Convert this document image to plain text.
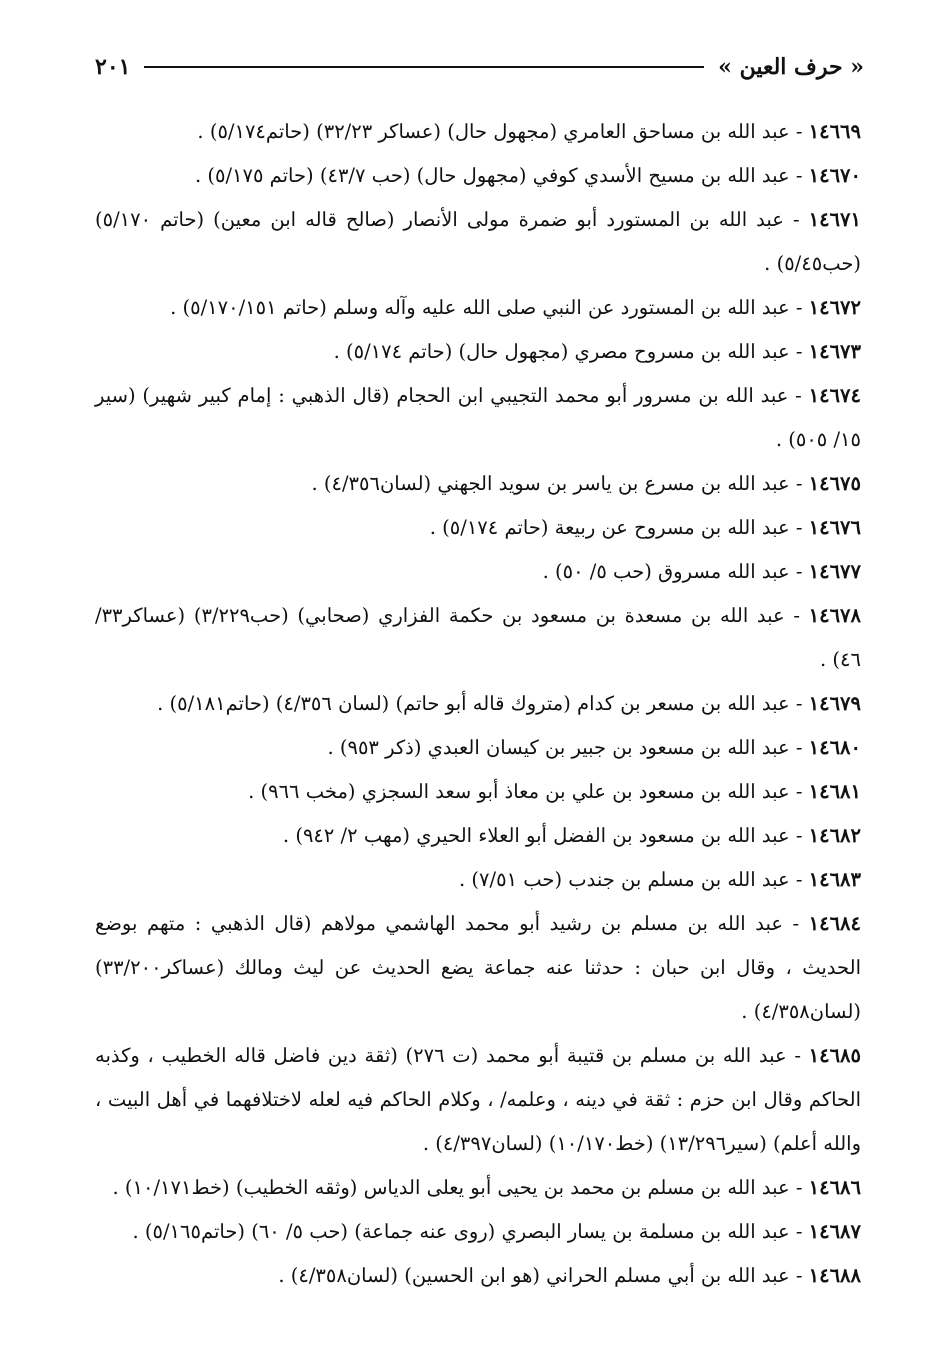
« حرف العين »
٢٠١

١٤٦٦٩ - عبد الله بن مساحق العامري (مجهول حال) (عساكر ٣٢/٢٣) (حاتم٥/١٧٤) .

١٤٦٧٠ - عبد الله بن مسيح الأسدي كوفي (مجهول حال) (حب ٤٣/٧) (حاتم ٥/١٧٥) .

١٤٦٧١ - عبد الله بن المستورد أبو ضمرة مولى الأنصار (صالح قاله ابن معين) (حاتم ٥/١٧٠) (حب٥/٤٥) .

١٤٦٧٢ - عبد الله بن المستورد عن النبي صلى الله عليه وآله وسلم (حاتم ٥/١٧٠/١٥١) .

١٤٦٧٣ - عبد الله بن مسروح مصري (مجهول حال) (حاتم ٥/١٧٤) .

١٤٦٧٤ - عبد الله بن مسرور أبو محمد التجيبي ابن الحجام (قال الذهبي : إمام كبير شهير) (سير ١٥/ ٥٠٥) .

١٤٦٧٥ - عبد الله بن مسرع بن ياسر بن سويد الجهني (لسان٤/٣٥٦) .

١٤٦٧٦ - عبد الله بن مسروح عن ربيعة (حاتم ٥/١٧٤) .

١٤٦٧٧ - عبد الله مسروق (حب ٥/ ٥٠) .

١٤٦٧٨ - عبد الله بن مسعدة بن مسعود بن حكمة الفزاري (صحابي) (حب٣/٢٢٩) (عساكر٣٣/ ٤٦) .

١٤٦٧٩ - عبد الله بن مسعر بن كدام (متروك قاله أبو حاتم) (لسان ٤/٣٥٦) (حاتم٥/١٨١) .

١٤٦٨٠ - عبد الله بن مسعود بن جبير بن كيسان العبدي (ذكر ٩٥٣) .

١٤٦٨١ - عبد الله بن مسعود بن علي بن معاذ أبو سعد السجزي (مخب ٩٦٦) .

١٤٦٨٢ - عبد الله بن مسعود بن الفضل أبو العلاء الحيري (مهب ٢/ ٩٤٢) .

١٤٦٨٣ - عبد الله بن مسلم بن جندب (حب ٧/٥١) .

١٤٦٨٤ - عبد الله بن مسلم بن رشيد أبو محمد الهاشمي مولاهم (قال الذهبي : متهم بوضع الحديث ، وقال ابن حبان : حدثنا عنه جماعة يضع الحديث عن ليث ومالك (عساكر٣٣/٢٠٠) (لسان٤/٣٥٨) .

١٤٦٨٥ - عبد الله بن مسلم بن قتيبة أبو محمد (ت ٢٧٦) (ثقة دين فاضل قاله الخطيب ، وكذبه الحاكم وقال ابن حزم : ثقة في دينه ، وعلمه/ ، وكلام الحاكم فيه لعله لاختلافهما في أهل البيت ، والله أعلم) (سير١٣/٢٩٦) (خط١٠/١٧٠) (لسان٤/٣٩٧) .

١٤٦٨٦ - عبد الله بن مسلم بن محمد بن يحيى أبو يعلى الدياس (وثقه الخطيب) (خط١٠/١٧١) .

١٤٦٨٧ - عبد الله بن مسلمة بن يسار البصري (روى عنه جماعة) (حب ٥/ ٦٠) (حاتم٥/١٦٥) .

١٤٦٨٨ - عبد الله بن أبي مسلم الحراني (هو ابن الحسين) (لسان٤/٣٥٨) .
